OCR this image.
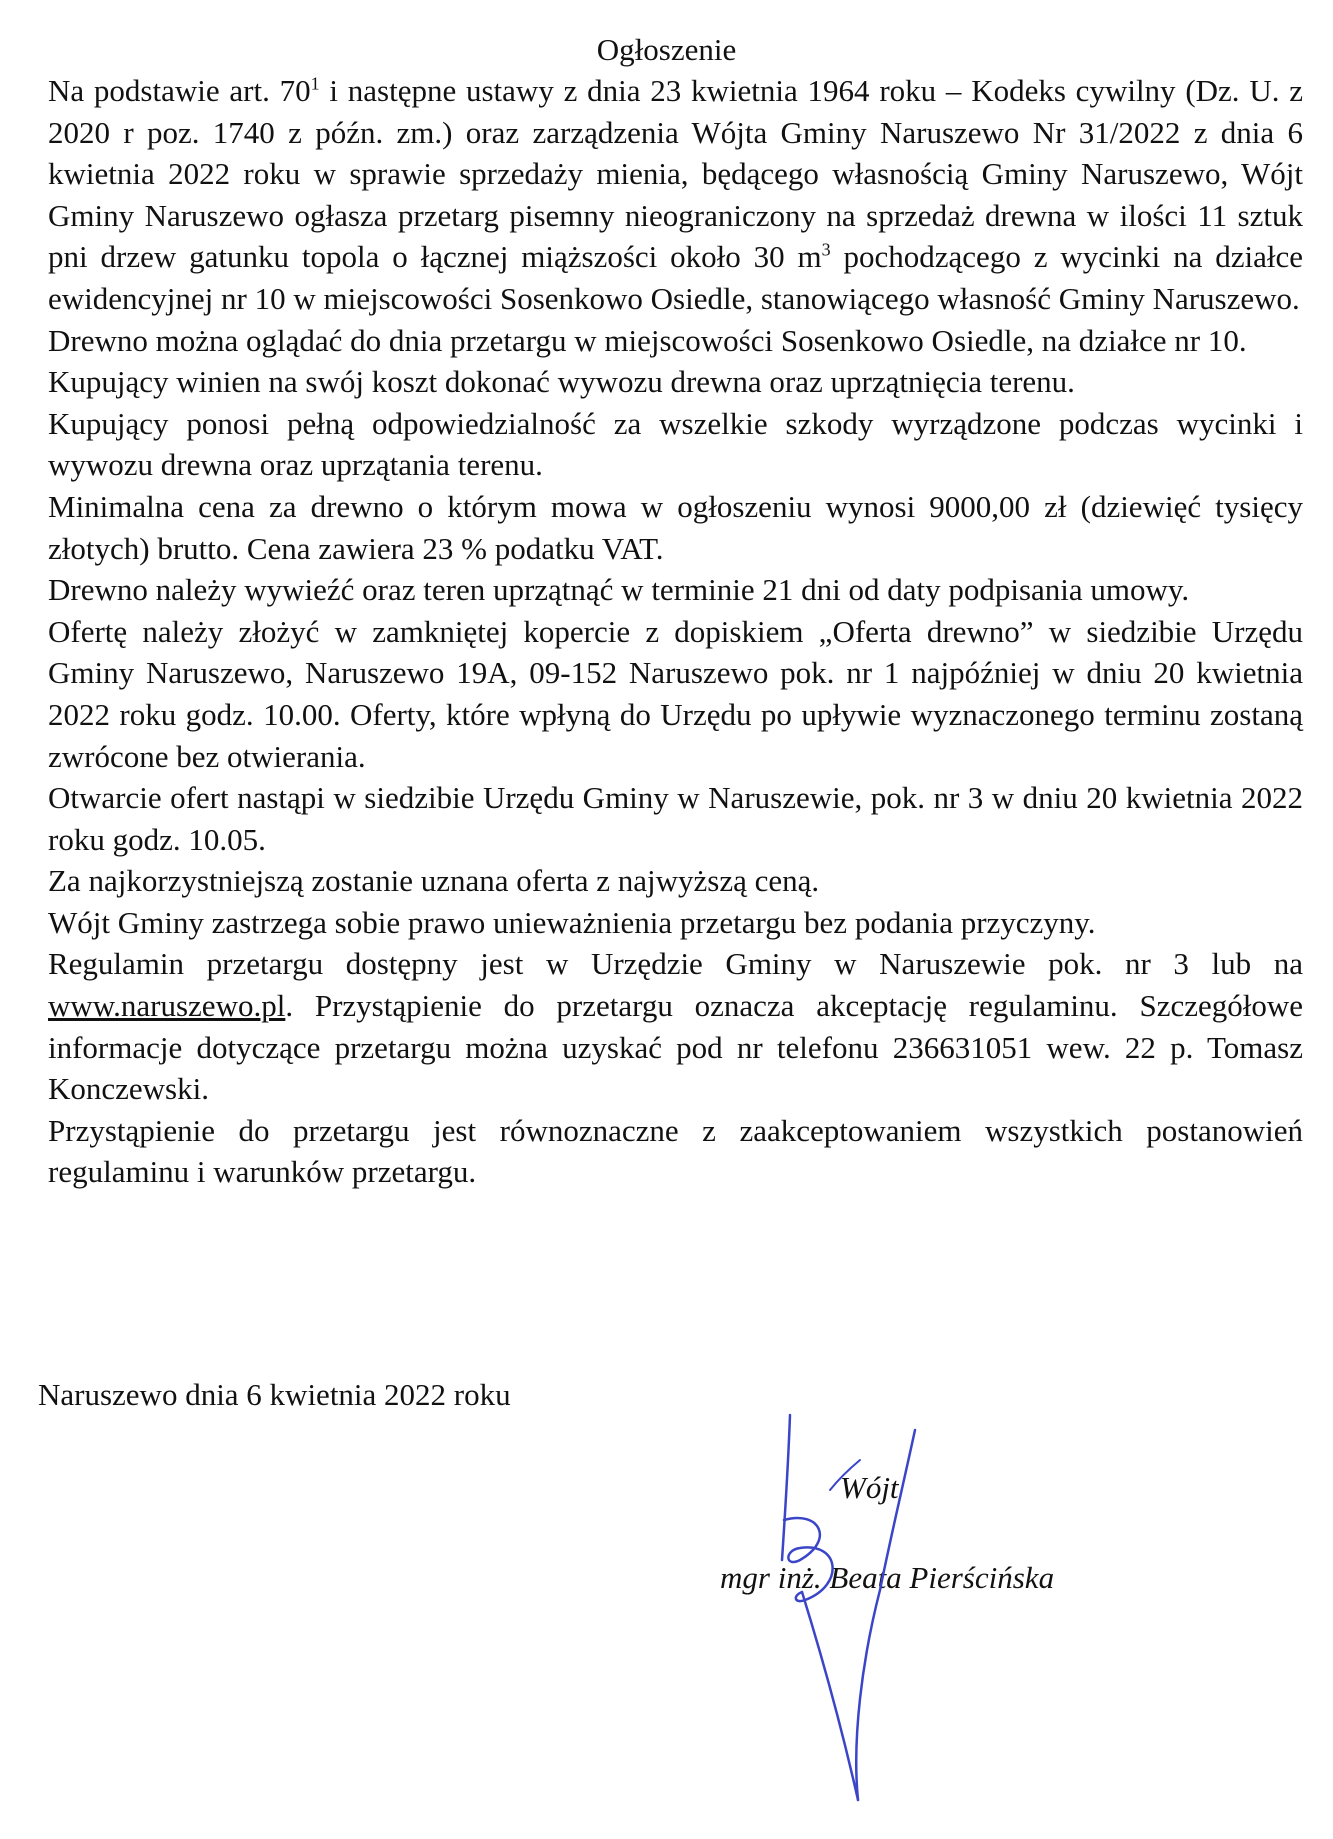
Ogłoszenie

Na podstawie art. $70^1$ i następne ustawy z dnia 23 kwietnia 1964 roku – Kodeks cywilny (Dz. U. z 2020 r poz. 1740 z późn. zm.) oraz zarządzenia Wójta Gminy Naruszewo Nr 31/2022 z dnia 6 kwietnia 2022 roku w sprawie sprzedaży mienia, będącego własnością Gminy Naruszewo, Wójt Gminy Naruszewo ogłasza przetarg pisemny nieograniczony na sprzedaż drewna w ilości 11 sztuk pni drzew gatunku topola o łącznej miąższości około 30 $m^3$ pochodzącego z wycinki na działce ewidencyjnej nr 10 w miejscowości Sosenkowo Osiedle, stanowiącego własność Gminy Naruszewo.

Drewno można oglądać do dnia przetargu w miejscowości Sosenkowo Osiedle, na działce nr 10.

Kupujący winien na swój koszt dokonać wywozu drewna oraz uprzątnięcia terenu.

Kupujący ponosi pełną odpowiedzialność za wszelkie szkody wyrządzone podczas wycinki i wywozu drewna oraz uprzątania terenu.

Minimalna cena za drewno o którym mowa w ogłoszeniu wynosi 9000,00 zł (dziewięć tysięcy złotych) brutto. Cena zawiera 23 % podatku VAT.

Drewno należy wywieźć oraz teren uprzątnąć w terminie 21 dni od daty podpisania umowy.

Ofertę należy złożyć w zamkniętej kopercie z dopiskiem „Oferta drewno” w siedzibie Urzędu Gminy Naruszewo, Naruszewo 19A, 09-152 Naruszewo pok. nr 1 najpóźniej w dniu 20 kwietnia 2022 roku godz. 10.00. Oferty, które wpłyną do Urzędu po upływie wyznaczonego terminu zostaną zwrócone bez otwierania.

Otwarcie ofert nastąpi w siedzibie Urzędu Gminy w Naruszewie, pok. nr 3 w dniu 20 kwietnia 2022 roku godz. 10.05.

Za najkorzystniejszą zostanie uznana oferta z najwyższą ceną.

Wójt Gminy zastrzega sobie prawo unieważnienia przetargu bez podania przyczyny.

Regulamin przetargu dostępny jest w Urzędzie Gminy w Naruszewie pok. nr 3 lub na www.naruszewo.pl. Przystąpienie do przetargu oznacza akceptację regulaminu. Szczegółowe informacje dotyczące przetargu można uzyskać pod nr telefonu 236631051 wew. 22 p. Tomasz Konczewski.

Przystąpienie do przetargu jest równoznaczne z zaakceptowaniem wszystkich postanowień regulaminu i warunków przetargu.

Naruszewo dnia 6 kwietnia 2022 roku
Wójt
mgr inż. Beata Pierścińska
